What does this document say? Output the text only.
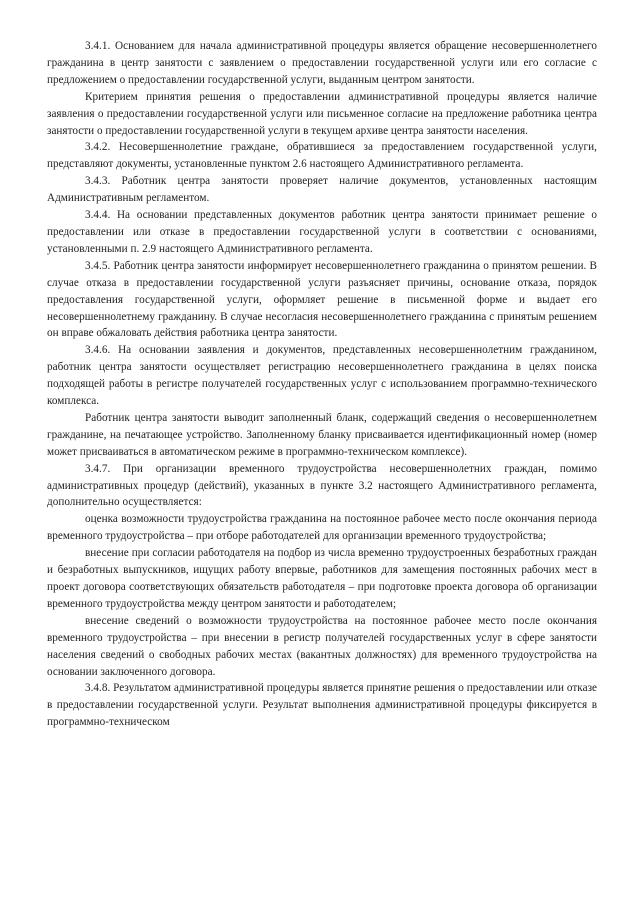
3.4.1. Основанием для начала административной процедуры является обращение несовершеннолетнего гражданина в центр занятости с заявлением о предоставлении государственной услуги или его согласие с предложением о предоставлении государственной услуги, выданным центром занятости.

Критерием принятия решения о предоставлении административной процедуры является наличие заявления о предоставлении государственной услуги или письменное согласие на предложение работника центра занятости о предоставлении государственной услуги в текущем архиве центра занятости населения.

3.4.2. Несовершеннолетние граждане, обратившиеся за предоставлением государственной услуги, представляют документы, установленные пунктом 2.6 настоящего Административного регламента.

3.4.3. Работник центра занятости проверяет наличие документов, установленных настоящим Административным регламентом.

3.4.4. На основании представленных документов работник центра занятости принимает решение о предоставлении или отказе в предоставлении государственной услуги в соответствии с основаниями, установленными п. 2.9 настоящего Административного регламента.

3.4.5. Работник центра занятости информирует несовершеннолетнего гражданина о принятом решении. В случае отказа в предоставлении государственной услуги разъясняет причины, основание отказа, порядок предоставления государственной услуги, оформляет решение в письменной форме и выдает его несовершеннолетнему гражданину. В случае несогласия несовершеннолетнего гражданина с принятым решением он вправе обжаловать действия работника центра занятости.

3.4.6. На основании заявления и документов, представленных несовершеннолетним гражданином, работник центра занятости осуществляет регистрацию несовершеннолетнего гражданина в целях поиска подходящей работы в регистре получателей государственных услуг с использованием программно-технического комплекса.

Работник центра занятости выводит заполненный бланк, содержащий сведения о несовершеннолетнем гражданине, на печатающее устройство. Заполненному бланку присваивается идентификационный номер (номер может присваиваться в автоматическом режиме в программно-техническом комплексе).

3.4.7. При организации временного трудоустройства несовершеннолетних граждан, помимо административных процедур (действий), указанных в пункте 3.2 настоящего Административного регламента, дополнительно осуществляется:

оценка возможности трудоустройства гражданина на постоянное рабочее место после окончания периода временного трудоустройства – при отборе работодателей для организации временного трудоустройства;

внесение при согласии работодателя на подбор из числа временно трудоустроенных безработных граждан и безработных выпускников, ищущих работу впервые, работников для замещения постоянных рабочих мест в проект договора соответствующих обязательств работодателя – при подготовке проекта договора об организации временного трудоустройства между центром занятости и работодателем;

внесение сведений о возможности трудоустройства на постоянное рабочее место после окончания временного трудоустройства – при внесении в регистр получателей государственных услуг в сфере занятости населения сведений о свободных рабочих местах (вакантных должностях) для временного трудоустройства на основании заключенного договора.

3.4.8. Результатом административной процедуры является принятие решения о предоставлении или отказе в предоставлении государственной услуги. Результат выполнения административной процедуры фиксируется в программно-техническом
